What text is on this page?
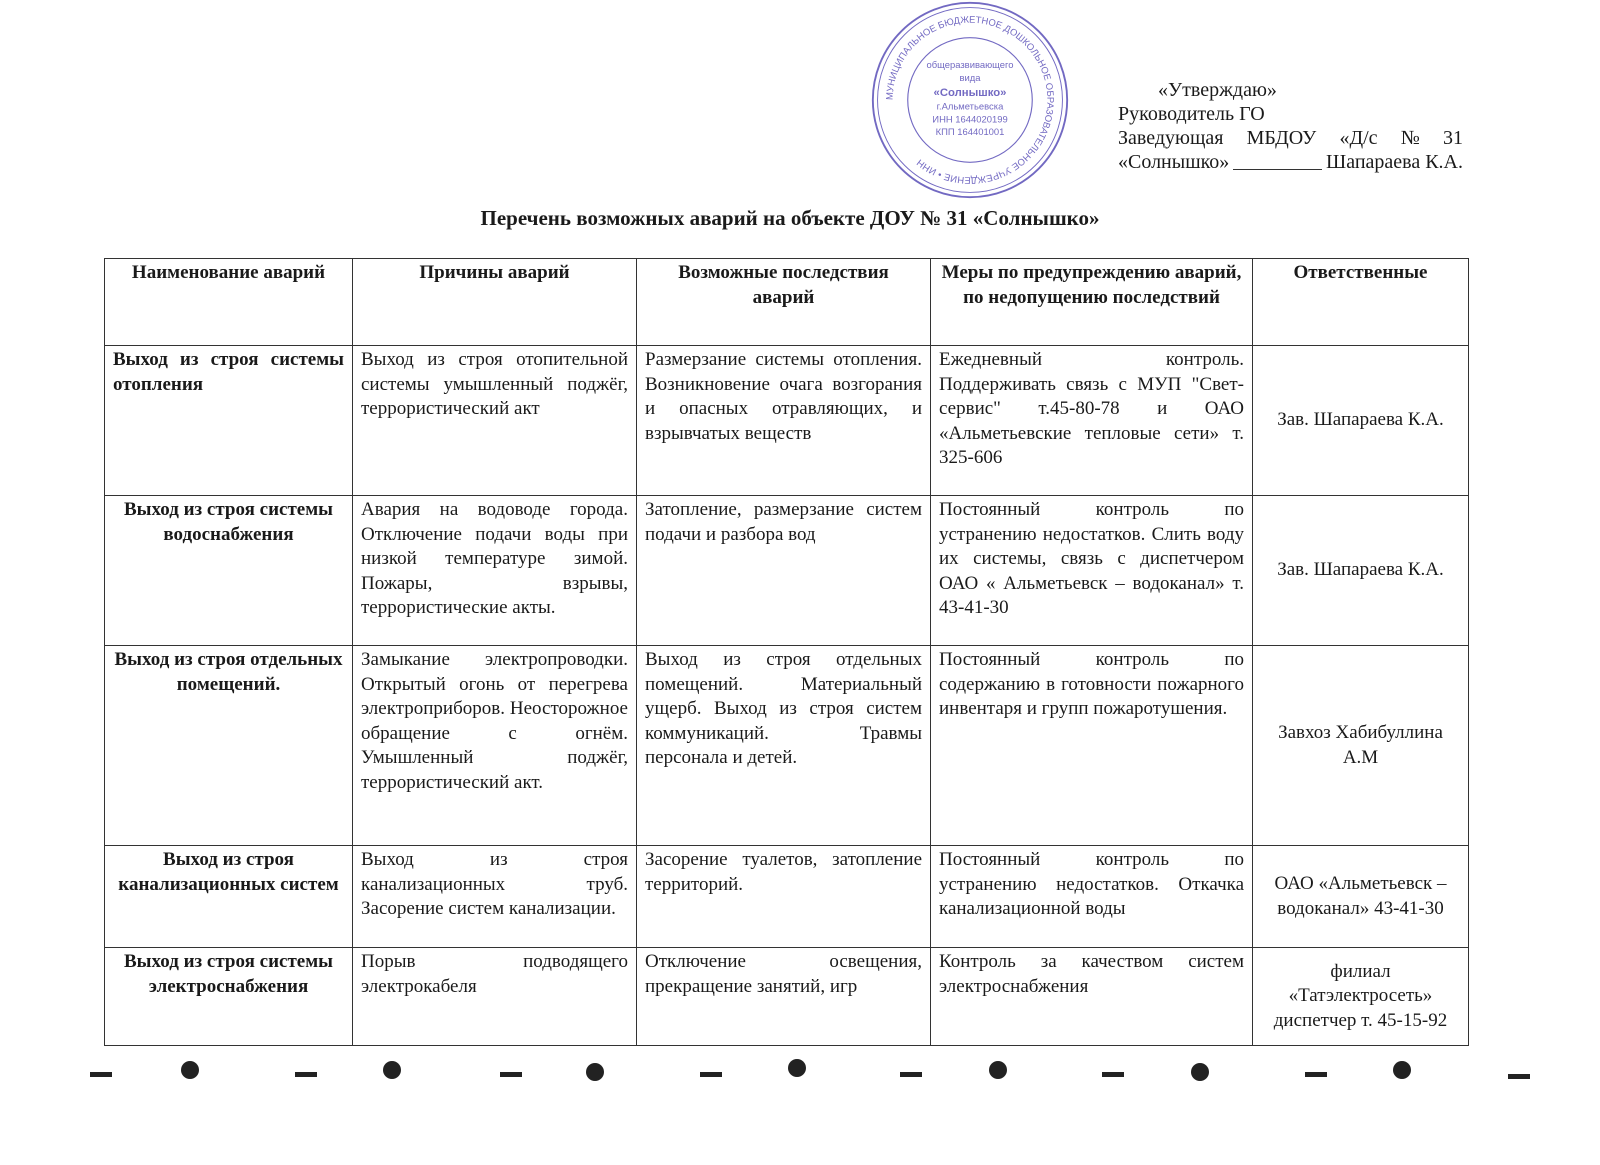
«Утверждаю»
Руководитель ГО
Заведующая МБДОУ «Д/с № 31
«Солнышко»	Шапараева К.А.
МУНИЦИПАЛЬНОЕ БЮДЖЕТНОЕ ДОШКОЛЬНОЕ ОБРАЗОВАТЕЛЬНОЕ УЧРЕЖДЕНИЕ • ИНН
общеразвивающего
вида
«Солнышко»
г.Альметьевска
ИНН 1644020199
КПП 164401001
Перечень возможных аварий на объекте ДОУ № 31 «Солнышко»
Наименование аварий	Причины аварий	Возможные последствия аварий	Меры по предупреждению аварий, по недопущению последствий	Ответственные
Выход из строя системы отопления	Выход из строя отопительной системы умышленный поджёг, террористический акт	Размерзание системы отопления. Возникновение очага возгорания и опасных отравляющих, и взрывчатых веществ	Ежедневный контроль. Поддерживать связь с МУП "Свет-сервис" т.45-80-78 и ОАО «Альметьевские тепловые сети» т. 325-606	Зав. Шапараева К.А.
Выход из строя системы водоснабжения	Авария на водоводе города. Отключение подачи воды при низкой температуре зимой. Пожары, взрывы, террористические акты.	Затопление, размерзание систем подачи и разбора вод	Постоянный контроль по устранению недостатков. Слить воду их системы, связь с диспетчером ОАО « Альметьевск – водоканал» т. 43-41-30	Зав. Шапараева К.А.
Выход из строя отдельных помещений.	Замыкание электропроводки. Открытый огонь от перегрева электроприборов. Неосторожное обращение с огнём. Умышленный поджёг, террористический акт.	Выход из строя отдельных помещений. Материальный ущерб. Выход из строя систем коммуникаций. Травмы персонала и детей.	Постоянный контроль по содержанию в готовности пожарного инвентаря и групп пожаротушения.	Завхоз Хабибуллина А.М
Выход из строя канализационных систем	Выход из строя канализационных труб. Засорение систем канализации.	Засорение туалетов, затопление территорий.	Постоянный контроль по устранению недостатков. Откачка канализационной воды	ОАО «Альметьевск – водоканал» 43-41-30
Выход из строя системы электроснабжения	Порыв подводящего электрокабеля	Отключение освещения, прекращение занятий, игр	Контроль за качеством систем электроснабжения	филиал «Татэлектросеть» диспетчер т. 45-15-92
